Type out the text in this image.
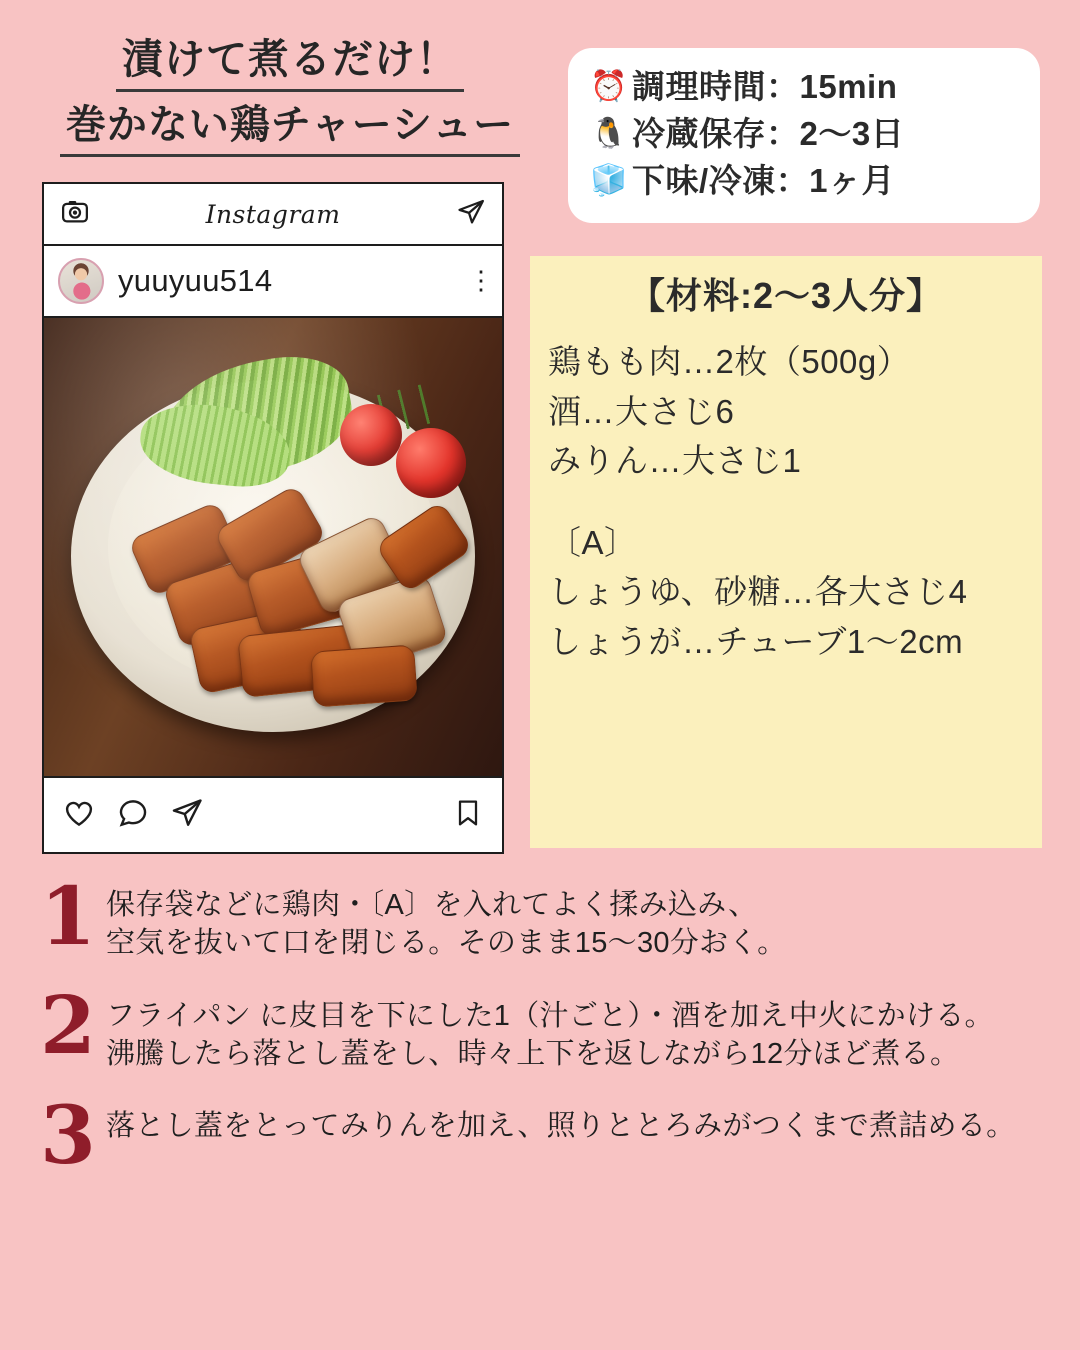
漬けて煮るだけ！ 巻かない鶏チャーシュー
⏰ 調理時間：15min
🐧 冷蔵保存：2〜3日
🧊 下味/冷凍：1ヶ月
Instagram
yuuyuu514	⋮	【材料:2〜3人分】
鶏もも肉…2枚（500g）
酒…大さじ6
みりん…大さじ1
〔A〕
しょうゆ、砂糖…各大さじ4
しょうが…チューブ1〜2cm
1 保存袋などに鶏肉・〔A〕を入れてよく揉み込み、

空気を抜いて口を閉じる。そのまま15〜30分おく。

2 フライパン に皮目を下にした1（汁ごと）・酒を加え中火にかける。

沸騰したら落とし蓋をし、時々上下を返しながら12分ほど煮る。

3 落とし蓋をとってみりんを加え、照りととろみがつくまで煮詰める。
